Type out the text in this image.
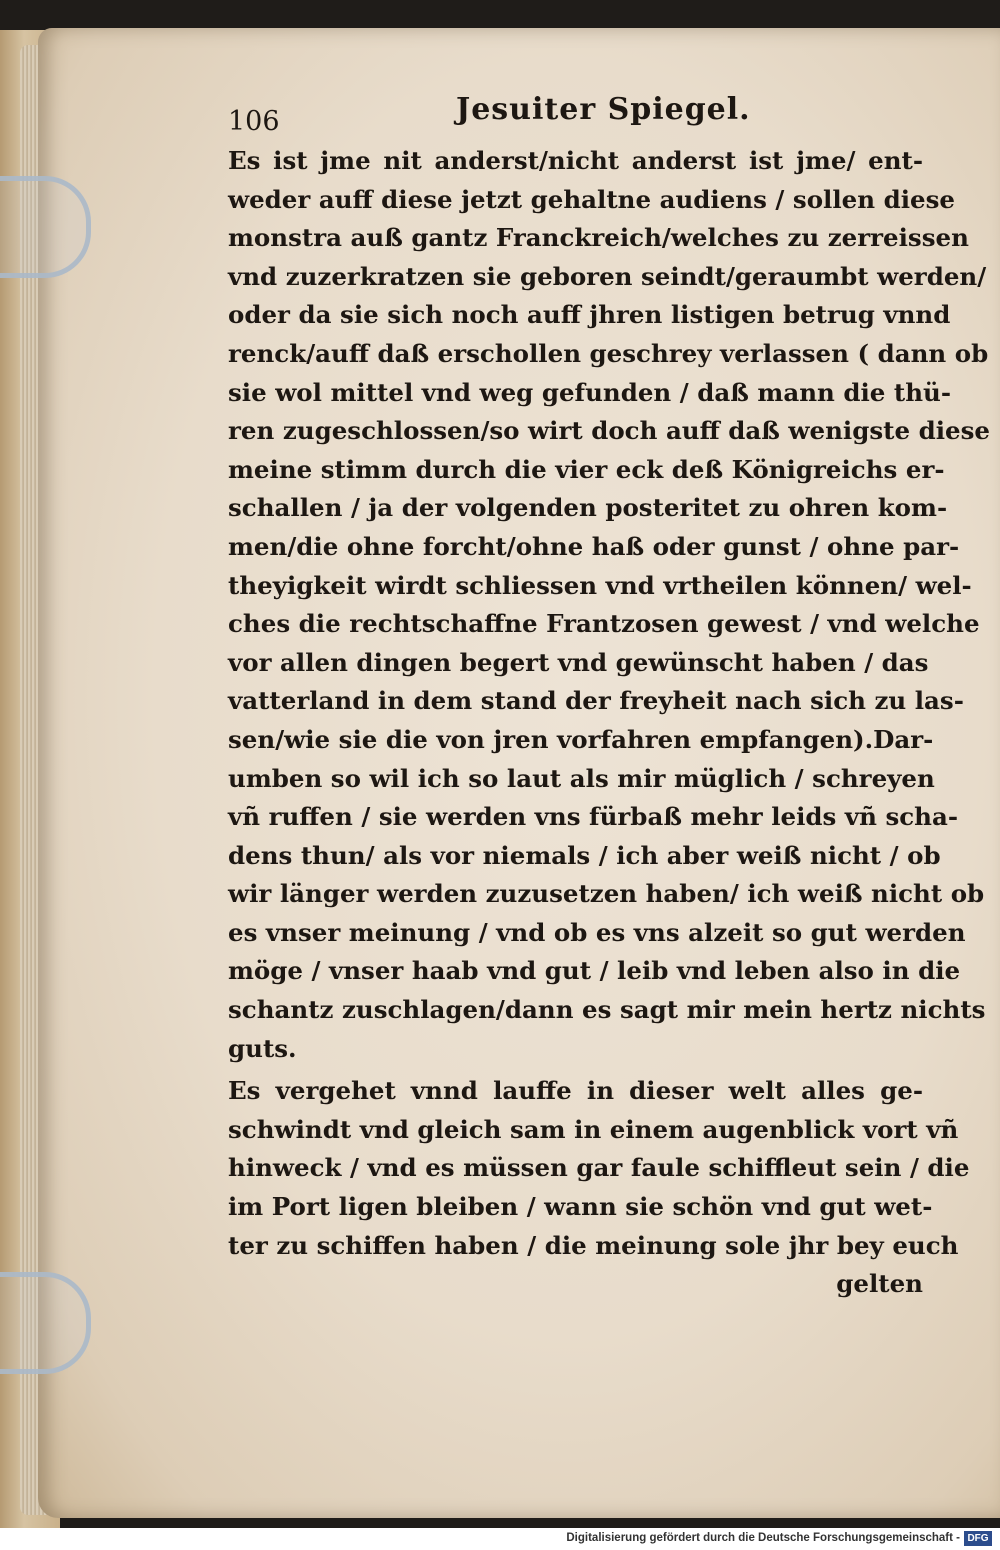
106	Jesuiter Spiegel.
Es ist jme nit anderst/nicht anderst ist jme/ ent-
weder auff diese jetzt gehaltne audiens / sollen diese
monstra auß gantz Franckreich/welches zu zerreissen
vnd zuzerkratzen sie geboren seindt/geraumbt werden/
oder da sie sich noch auff jhren listigen betrug vnnd
renck/auff daß erschollen geschrey verlassen ( dann ob
sie wol mittel vnd weg gefunden / daß mann die thü-
ren zugeschlossen/so wirt doch auff daß wenigste diese
meine stimm durch die vier eck deß Königreichs er-
schallen / ja der volgenden posteritet zu ohren kom-
men/die ohne forcht/ohne haß oder gunst / ohne par-
theyigkeit wirdt schliessen vnd vrtheilen können/ wel-
ches die rechtschaffne Frantzosen gewest / vnd welche
vor allen dingen begert vnd gewünscht haben / das
vatterland in dem stand der freyheit nach sich zu las-
sen/wie sie die von jren vorfahren empfangen).Dar-
umben so wil ich so laut als mir müglich / schreyen
vñ ruffen / sie werden vns fürbaß mehr leids vñ scha-
dens thun/ als vor niemals / ich aber weiß nicht / ob
wir länger werden zuzusetzen haben/ ich weiß nicht ob
es vnser meinung / vnd ob es vns alzeit so gut werden
möge / vnser haab vnd gut / leib vnd leben also in die
schantz zuschlagen/dann es sagt mir mein hertz nichts
guts.
Es vergehet vnnd lauffe in dieser welt alles ge-
schwindt vnd gleich sam in einem augenblick vort vñ
hinweck / vnd es müssen gar faule schiffleut sein / die
im Port ligen bleiben / wann sie schön vnd gut wet-
ter zu schiffen haben / die meinung sole jhr bey euch
gelten
Digitalisierung gefördert durch die Deutsche Forschungsgemeinschaft - DFG
